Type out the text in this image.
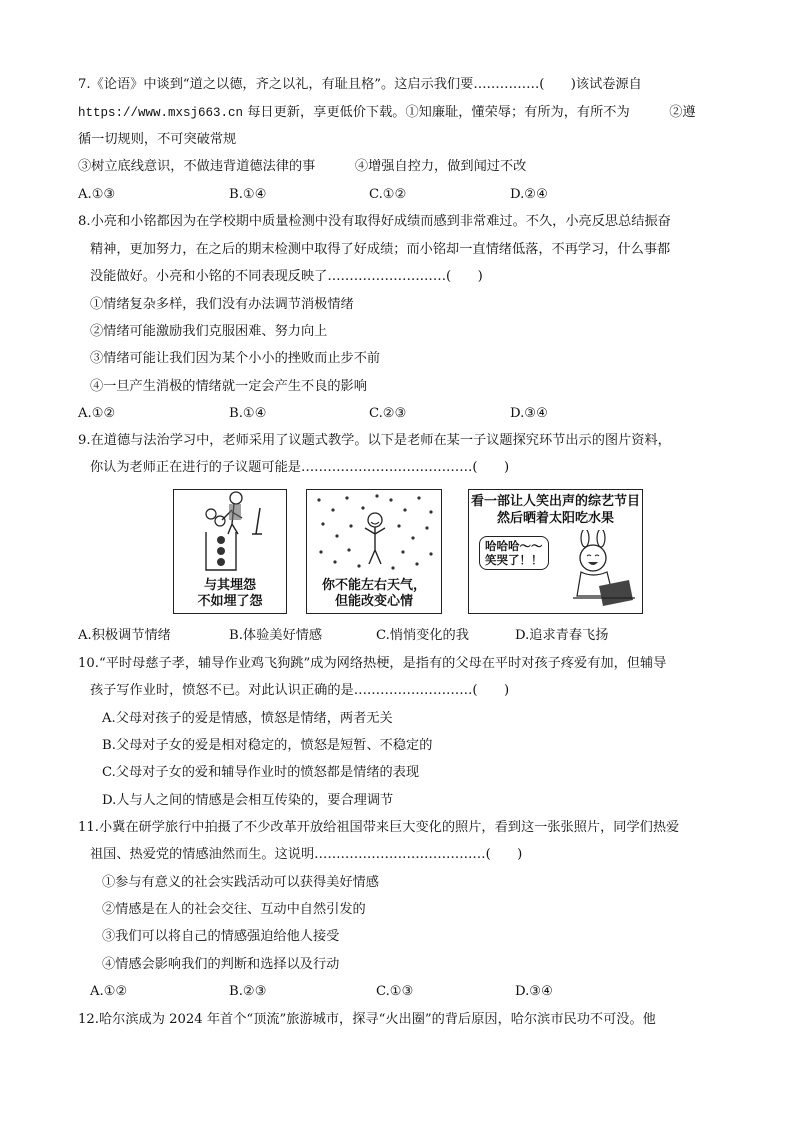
7.《论语》中谈到“道之以德，齐之以礼，有耻且格”。这启示我们要……………(　　)该试卷源自
https://www.mxsj663.cn 每日更新，享更低价下载。①知廉耻，懂荣辱；有所为，有所不为　　　②遵
循一切规则，不可突破常规
③树立底线意识，不做违背道德法律的事　　　④增强自控力，做到闻过不改
A.①③	B.①④	C.①②	D.②④
8.小亮和小铭都因为在学校期中质量检测中没有取得好成绩而感到非常难过。不久，小亮反思总结振奋
精神，更加努力，在之后的期末检测中取得了好成绩；而小铭却一直情绪低落，不再学习，什么事都
没能做好。小亮和小铭的不同表现反映了………………………(　　)
①情绪复杂多样，我们没有办法调节消极情绪
②情绪可能激励我们克服困难、努力向上
③情绪可能让我们因为某个小小的挫败而止步不前
④一旦产生消极的情绪就一定会产生不良的影响
A.①②	B.①④	C.②③	D.③④
9.在道德与法治学习中，老师采用了议题式教学。以下是老师在某一子议题探究环节出示的图片资料，
你认为老师正在进行的子议题可能是…………………………………(　　)
与其埋怨
不如埋了怨
你不能左右天气，
但能改变心情
看一部让人笑出声的综艺节目
然后晒着太阳吃水果
哈哈哈～～
笑哭了！！
A.积极调节情绪	B.体验美好情感	C.悄悄变化的我	D.追求青春飞扬
10.“平时母慈子孝，辅导作业鸡飞狗跳”成为网络热梗，是指有的父母在平时对孩子疼爱有加，但辅导
孩子写作业时，愤怒不已。对此认识正确的是………………………(　　)
A.父母对孩子的爱是情感，愤怒是情绪，两者无关
B.父母对子女的爱是相对稳定的，愤怒是短暂、不稳定的
C.父母对子女的爱和辅导作业时的愤怒都是情绪的表现
D.人与人之间的情感是会相互传染的，要合理调节
11.小冀在研学旅行中拍摄了不少改革开放给祖国带来巨大变化的照片，看到这一张张照片，同学们热爱
祖国、热爱党的情感油然而生。这说明…………………………………(　　)
①参与有意义的社会实践活动可以获得美好情感
②情感是在人的社会交往、互动中自然引发的
③我们可以将自己的情感强迫给他人接受
④情感会影响我们的判断和选择以及行动
A.①②	B.②③	C.①③	D.③④
12.哈尔滨成为 2024 年首个“顶流”旅游城市，探寻“火出圈”的背后原因，哈尔滨市民功不可没。他
